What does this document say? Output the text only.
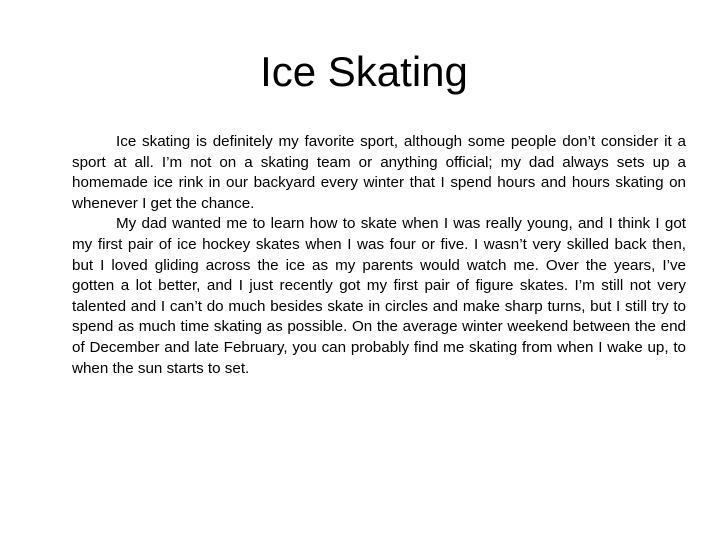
Ice Skating

Ice skating is definitely my favorite sport, although some people don’t consider it a sport at all. I’m not on a skating team or anything official; my dad always sets up a homemade ice rink in our backyard every winter that I spend hours and hours skating on whenever I get the chance.

My dad wanted me to learn how to skate when I was really young, and I think I got my first pair of ice hockey skates when I was four or five. I wasn’t very skilled back then, but I loved gliding across the ice as my parents would watch me. Over the years, I’ve gotten a lot better, and I just recently got my first pair of figure skates. I’m still not very talented and I can’t do much besides skate in circles and make sharp turns, but I still try to spend as much time skating as possible. On the average winter weekend between the end of December and late February, you can probably find me skating from when I wake up, to when the sun starts to set.
